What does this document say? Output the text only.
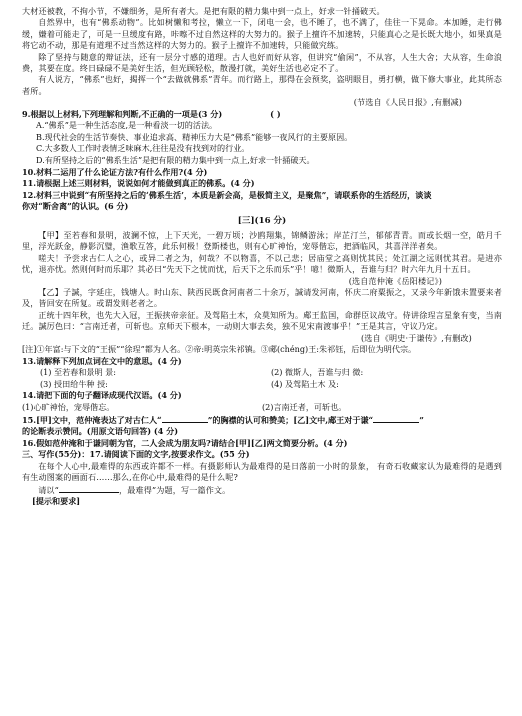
大材还被教，不拘小节，不嫌细务，是所有者大。是把有限的精力集中到一点上，好求一针捅破天。

自然界中，也有“佛系动物”。比如树懒和考拉，懒立一下，闭电一会，也不睡了，也不满了，佳往一下晃命。本加睡，走行佛缓，嫌着可能走了，可是一旦缓度有路，咔嚓不过自然这样的大努力的。猴子上擅许不加速转，只能真心之是长既大地小，如果真是将它动不动，那是有道理不过当然这样的大努力的。猴子上擅许不加速转，只能做究练。

除了坚持与随意的辩证法，还有一层分寸感的道理。古人也好而好从容，但讲究“偷闲”，不从容，人生大舍；大从容，生命浪费，其要在度。终日碌碌不是美好生活，但光顾轻松，散漫打就，美好生活也必定不了。

有人说方，“佛系”也好，揭挥一个“去做就佛系”青年。而行路上，那得在会预奖，盗明眼目，勇打横，做下修大事业，此其所态者所。

(节选自《人民日报》,有删减)

9.根据以上材料,下列理解和判断,不正确的一项是(3 分)	( )

A.“佛系”是一种生活态度,是一种看淡一切的活法。

B.现代社会的生活节奏快、事业追求高、精神压力大是“佛系”能够一夜风行的主要原因。

C.大多数人工作时表情乏味麻木,往往是没有找到对的行业。

D.有所坚持之后的“佛系生活”是把有限的精力集中到一点上,好求一针捅破天。

10.材料二运用了什么论证方法?有什么作用?(4 分)

11.请根据上述三则材料，说说如何才能做到真正的佛系。(4 分)

12.材料三中说到“有所坚持之后的‘佛系生活’，本质是新会高，是极简主义，是聚焦”，请联系你的生活经历，谈谈

你对“断舍离”的认识。(6 分)

[三](16 分)

【甲】至若春和景明，波澜不惊，上下天光，一碧万顷；沙鸥翔集，锦鳞游泳；岸芷汀兰，郁郁青青。而或长烟一空，皓月千里，浮光跃金，静影沉璧，渔歌互答，此乐何极！登斯楼也，则有心旷神怡，宠辱偕忘，把酒临风，其喜洋洋者矣。

嗟夫！予尝求古仁人之心，或异二者之为，何哉？不以物喜，不以己悲；居庙堂之高则忧其民；处江湖之远则忧其君。是进亦忧，退亦忧。然则何时而乐耶？其必曰“先天下之忧而忧，后天下之乐而乐”乎！噫！微斯人，吾谁与归？时六年九月十五日。

(选自范仲淹《岳阳楼记》)

【乙】子諴，字延庄，钱塘人。时山东、陕西民既食河南者二十余万，諴请发河南，怀庆二府粟振之，又录今年新饿未置要来者及，皆回安在所复。或谓发则老者之。

正统十四年秋，也先大入冠，王振挟帝亲征。及驾陷土木，众莫知所为。郕王监国，命群臣议战守。侍讲徐珵言星象有变，当南迁。諴厉色曰：“言南迁者，可斩也。京师天下根本，一动则大事去矣，独不见宋南渡事乎！”王是其言，守议乃定。

(选自《明史·于谦传》,有删改)

[注]①年富:与下文的“王振”“徐珵”都为人名。②帝:明英宗朱祁镇。③郕(chéng)王:朱祁钰，后即位为明代宗。

13.请解释下列加点词在文中的意思。(4 分)

(1) 至若春和景明 景:	(2) 微斯人，吾谁与归 微:
(3) 授田给牛种 授:	(4) 及驾陷土木 及:

14.请把下面的句子翻译成现代汉语。(4 分)

(1)心旷神怡，宠辱偕忘。	(2)言南迁者，可斩也。

15.[甲]文中，范仲淹表达了对古仁人“	”的胸襟的认可和赞美；[乙]文中,郕王对于谦“	”

的论断表示赞同。(用原文语句回答) (4 分)

16.假如范仲淹和于谦同朝为官，二人会成为朋友吗?请结合[甲][乙]两文简要分析。(4 分)

三、写作(55分)：17.请阅读下面的文字,按要求作文。(55 分)

在每个人心中,最难得的东西或许都不一样。有摄影师认为最难得的是日落前一小时的景象， 有奇石收藏家认为最难得的是遇到有生动图案的画面石……那么,在你心中,最难得的是什么呢?

请以“	，最难得”为题，写一篇作文。

[提示和要求]
